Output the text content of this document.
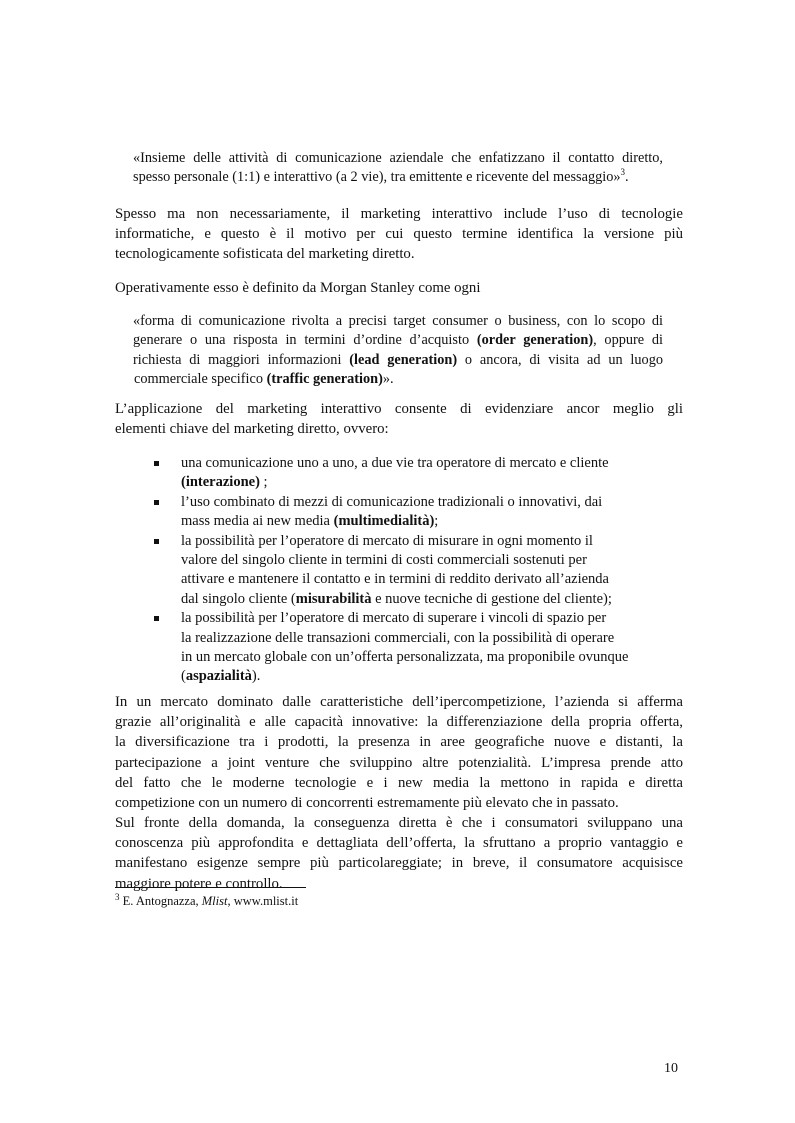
«Insieme delle attività di comunicazione aziendale che enfatizzano il contatto diretto,
spesso personale (1:1) e interattivo (a 2 vie), tra emittente e ricevente del messaggio»$^3$.
Spesso ma non necessariamente, il marketing interattivo include l’uso di tecnologie
informatiche, e questo è il motivo per cui questo termine identifica la versione più
tecnologicamente sofisticata del marketing diretto.
Operativamente esso è definito da Morgan Stanley come ogni
«forma di comunicazione rivolta a precisi target consumer o business, con lo scopo di
generare o una risposta in termini d’ordine d’acquisto (order generation), oppure di
richiesta di maggiori informazioni (lead generation) o ancora, di visita ad un luogo
commerciale specifico (traffic generation)».
L’applicazione del marketing interattivo consente di evidenziare ancor meglio gli
elementi chiave del marketing diretto, ovvero:
una comunicazione uno a uno, a due vie tra operatore di mercato e cliente
(interazione) ;
l’uso combinato di mezzi di comunicazione tradizionali o innovativi, dai
mass media ai new media (multimedialità);
la possibilità per l’operatore di mercato di misurare in ogni momento il
valore del singolo cliente in termini di costi commerciali sostenuti per
attivare e mantenere il contatto e in termini di reddito derivato all’azienda
dal singolo cliente (misurabilità e nuove tecniche di gestione del cliente);
la possibilità per l’operatore di mercato di superare i vincoli di spazio per
la realizzazione delle transazioni commerciali, con la possibilità di operare
in un mercato globale con un’offerta personalizzata, ma proponibile ovunque
(aspazialità).
In un mercato dominato dalle caratteristiche dell’ipercompetizione, l’azienda si afferma
grazie all’originalità e alle capacità innovative: la differenziazione della propria offerta,
la diversificazione tra i prodotti, la presenza in aree geografiche nuove e distanti, la
partecipazione a joint venture che sviluppino altre potenzialità. L’impresa prende atto
del fatto che le moderne tecnologie e i new media la mettono in rapida e diretta
competizione con un numero di concorrenti estremamente più elevato che in passato.
Sul fronte della domanda, la conseguenza diretta è che i consumatori sviluppano una
conoscenza più approfondita e dettagliata dell’offerta, la sfruttano a proprio vantaggio e
manifestano esigenze sempre più particolareggiate; in breve, il consumatore acquisisce
maggiore potere e controllo.
$^3$ E. Antognazza, Mlist, www.mlist.it
10
